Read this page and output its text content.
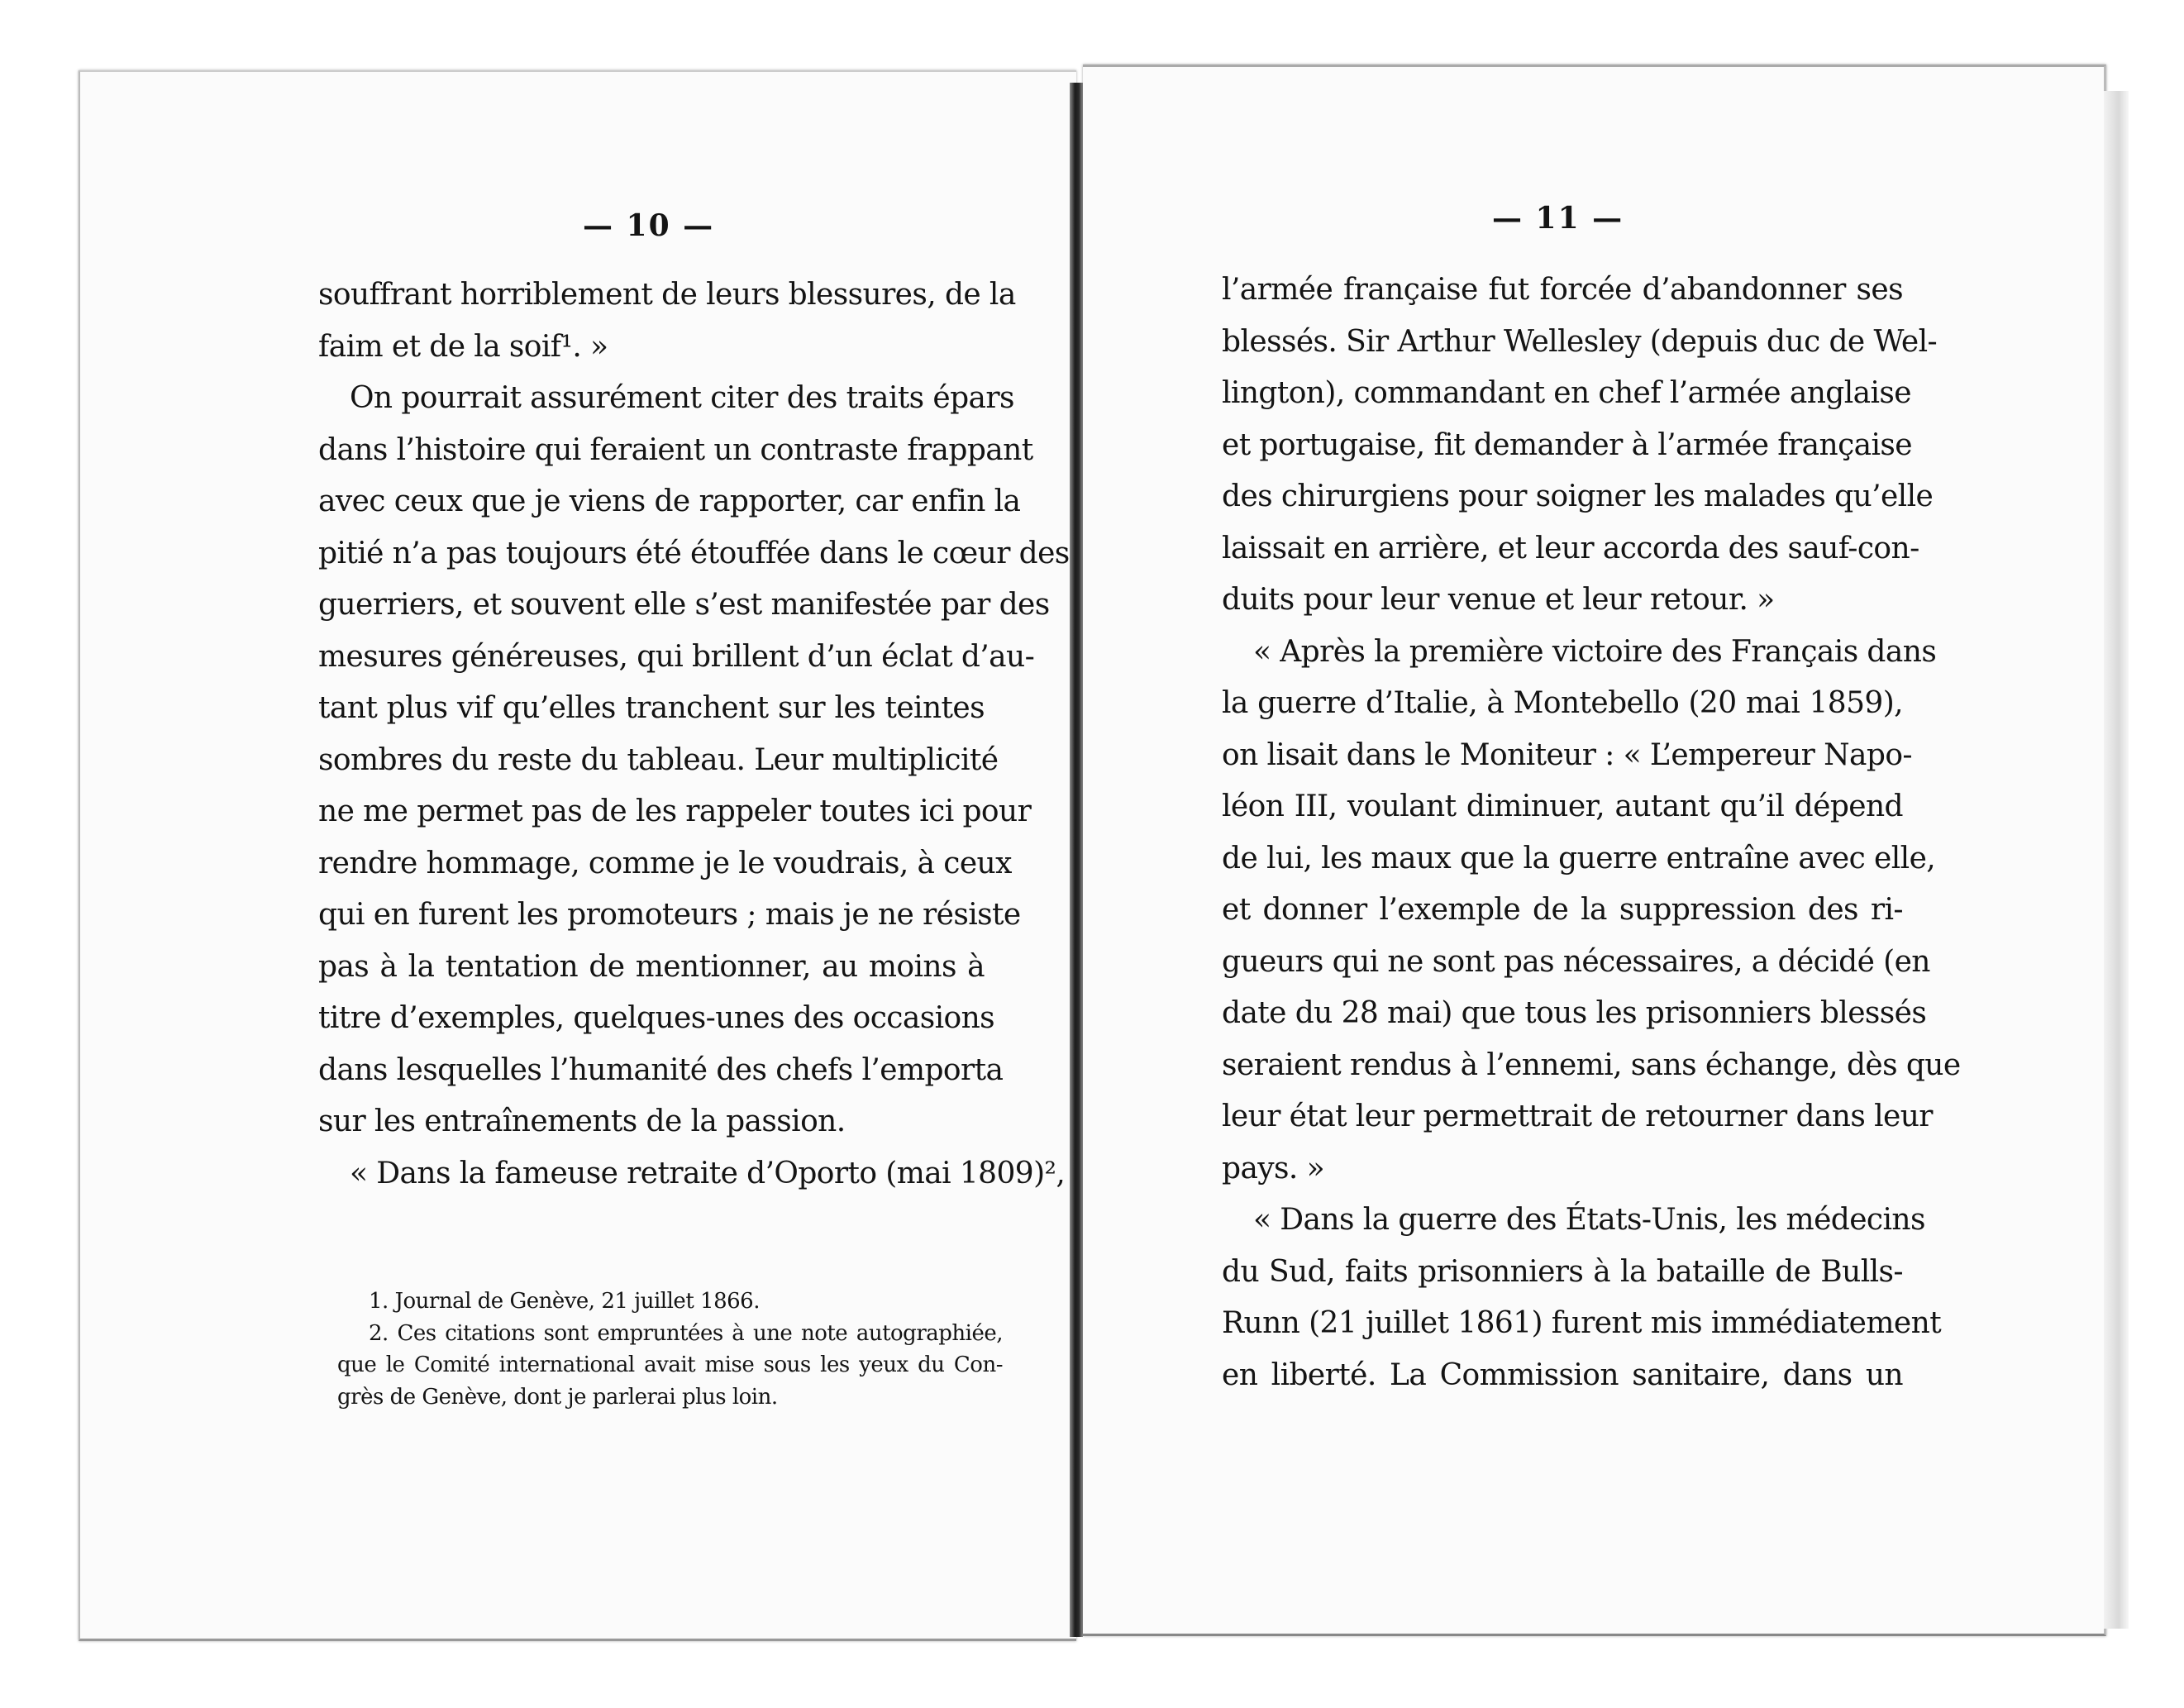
— 10 —
souffrant horriblement de leurs blessures, de la
faim et de la soif¹. »
On pourrait assurément citer des traits épars
dans l’histoire qui feraient un contraste frappant
avec ceux que je viens de rapporter, car enfin la
pitié n’a pas toujours été étouffée dans le cœur des
guerriers, et souvent elle s’est manifestée par des
mesures généreuses, qui brillent d’un éclat d’au-
tant plus vif qu’elles tranchent sur les teintes
sombres du reste du tableau. Leur multiplicité
ne me permet pas de les rappeler toutes ici pour
rendre hommage, comme je le voudrais, à ceux
qui en furent les promoteurs ; mais je ne résiste
pas à la tentation de mentionner, au moins à
titre d’exemples, quelques-unes des occasions
dans lesquelles l’humanité des chefs l’emporta
sur les entraînements de la passion.
« Dans la fameuse retraite d’Oporto (mai 1809)²,
1. Journal de Genève, 21 juillet 1866.
2. Ces citations sont empruntées à une note autographiée,
que le Comité international avait mise sous les yeux du Con-
grès de Genève, dont je parlerai plus loin.
— 11 —
l’armée française fut forcée d’abandonner ses
blessés. Sir Arthur Wellesley (depuis duc de Wel-
lington), commandant en chef l’armée anglaise
et portugaise, fit demander à l’armée française
des chirurgiens pour soigner les malades qu’elle
laissait en arrière, et leur accorda des sauf-con-
duits pour leur venue et leur retour. »
« Après la première victoire des Français dans
la guerre d’Italie, à Montebello (20 mai 1859),
on lisait dans le Moniteur : « L’empereur Napo-
léon III, voulant diminuer, autant qu’il dépend
de lui, les maux que la guerre entraîne avec elle,
et donner l’exemple de la suppression des ri-
gueurs qui ne sont pas nécessaires, a décidé (en
date du 28 mai) que tous les prisonniers blessés
seraient rendus à l’ennemi, sans échange, dès que
leur état leur permettrait de retourner dans leur
pays. »
« Dans la guerre des États-Unis, les médecins
du Sud, faits prisonniers à la bataille de Bulls-
Runn (21 juillet 1861) furent mis immédiatement
en liberté. La Commission sanitaire, dans un
